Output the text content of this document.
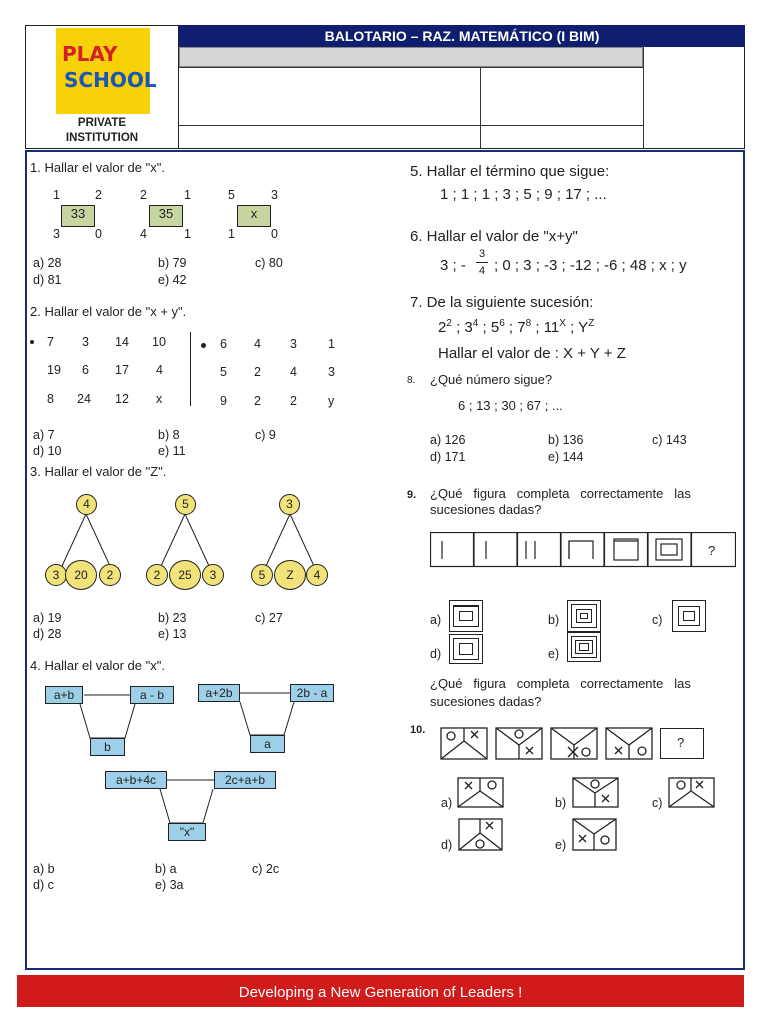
PLAY
SCHOOL
PRIVATE
INSTITUTION
BALOTARIO – RAZ. MATEMÁTICO (I BIM)
1. Hallar el valor de "x".
1	2
33
3	0
2	1
35
4	1
5	3
x
1	0
a) 28	b) 79	c) 80
d) 81	e) 42
2. Hallar el valor de "x + y".
7 3 14 10
19 6 17 4
8 24 12 x
6 4 3 1
5 2 4 3
9 2 2 y
a) 7	b) 8	c) 9
d) 10	e) 11
3. Hallar el valor de "Z".
4
3	20	2
5
2	25	3
3
5	Z	4
a) 19	b) 23	c) 27
d) 28	e) 13
4. Hallar el valor de "x".
a+b	a - b
b
a+2b	2b - a
a
a+b+4c	2c+a+b
"x"
a) b	b) a	c) 2c
d) c	e) 3a
5. Hallar el término que sigue:
1 ; 1 ; 1 ; 3 ; 5 ; 9 ; 17 ; ...
6. Hallar el valor de "x+y"
3 ; -
3
4 ; 0 ; 3 ; -3 ; -12 ; -6 ; 48 ; x ; y
7. De la siguiente sucesión:
$2^2$ ; $3^4$ ; $5^6$ ; $7^8$ ; $11^X$ ; $Y^Z$
Hallar el valor de : X + Y + Z
8. ¿Qué número sigue?
6 ; 13 ; 30 ; 67 ; ...
a) 126	b) 136	c) 143
d) 171	e) 144
9. ¿Qué   figura   completa   correctamente   las
sucesiones dadas?
?
a)	b)	c)
d)	e)
¿Qué   figura   completa   correctamente   las
sucesiones dadas?
10.
?
a)	b)	c)
d)	e)
Developing a New Generation of Leaders !
